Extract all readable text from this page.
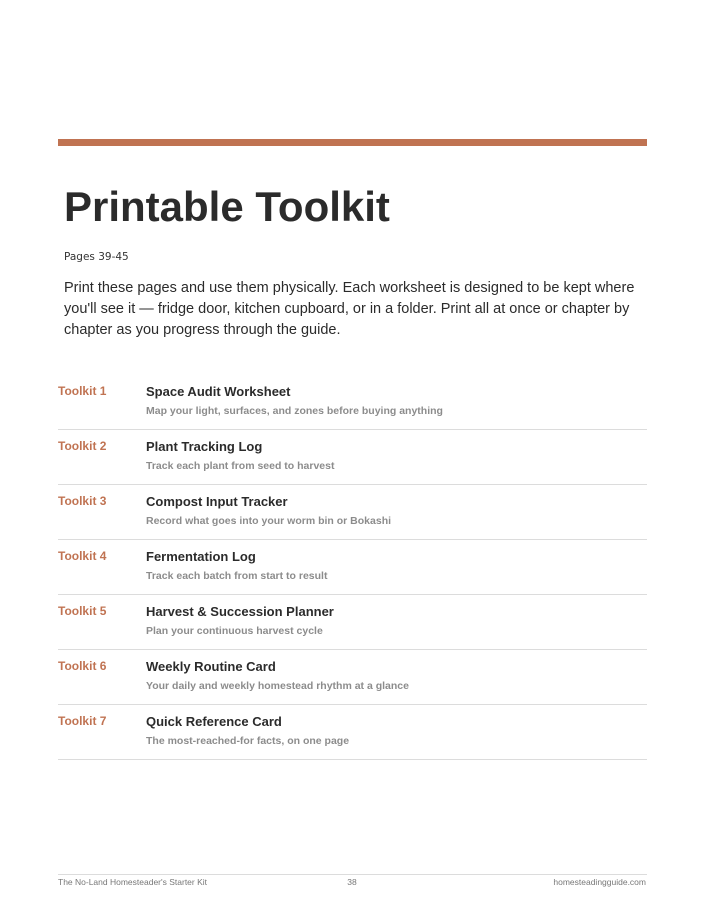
Printable Toolkit
Pages 39-45

Print these pages and use them physically. Each worksheet is designed to be kept where you'll see it — fridge door, kitchen cupboard, or in a folder. Print all at once or chapter by chapter as you progress through the guide.

Toolkit 1	Space Audit Worksheet
Map your light, surfaces, and zones before buying anything
Toolkit 2	Plant Tracking Log
Track each plant from seed to harvest
Toolkit 3	Compost Input Tracker
Record what goes into your worm bin or Bokashi
Toolkit 4	Fermentation Log
Track each batch from start to result
Toolkit 5	Harvest & Succession Planner
Plan your continuous harvest cycle
Toolkit 6	Weekly Routine Card
Your daily and weekly homestead rhythm at a glance
Toolkit 7	Quick Reference Card
The most-reached-for facts, on one page
The No-Land Homesteader's Starter Kit	38	homesteadingguide.com
